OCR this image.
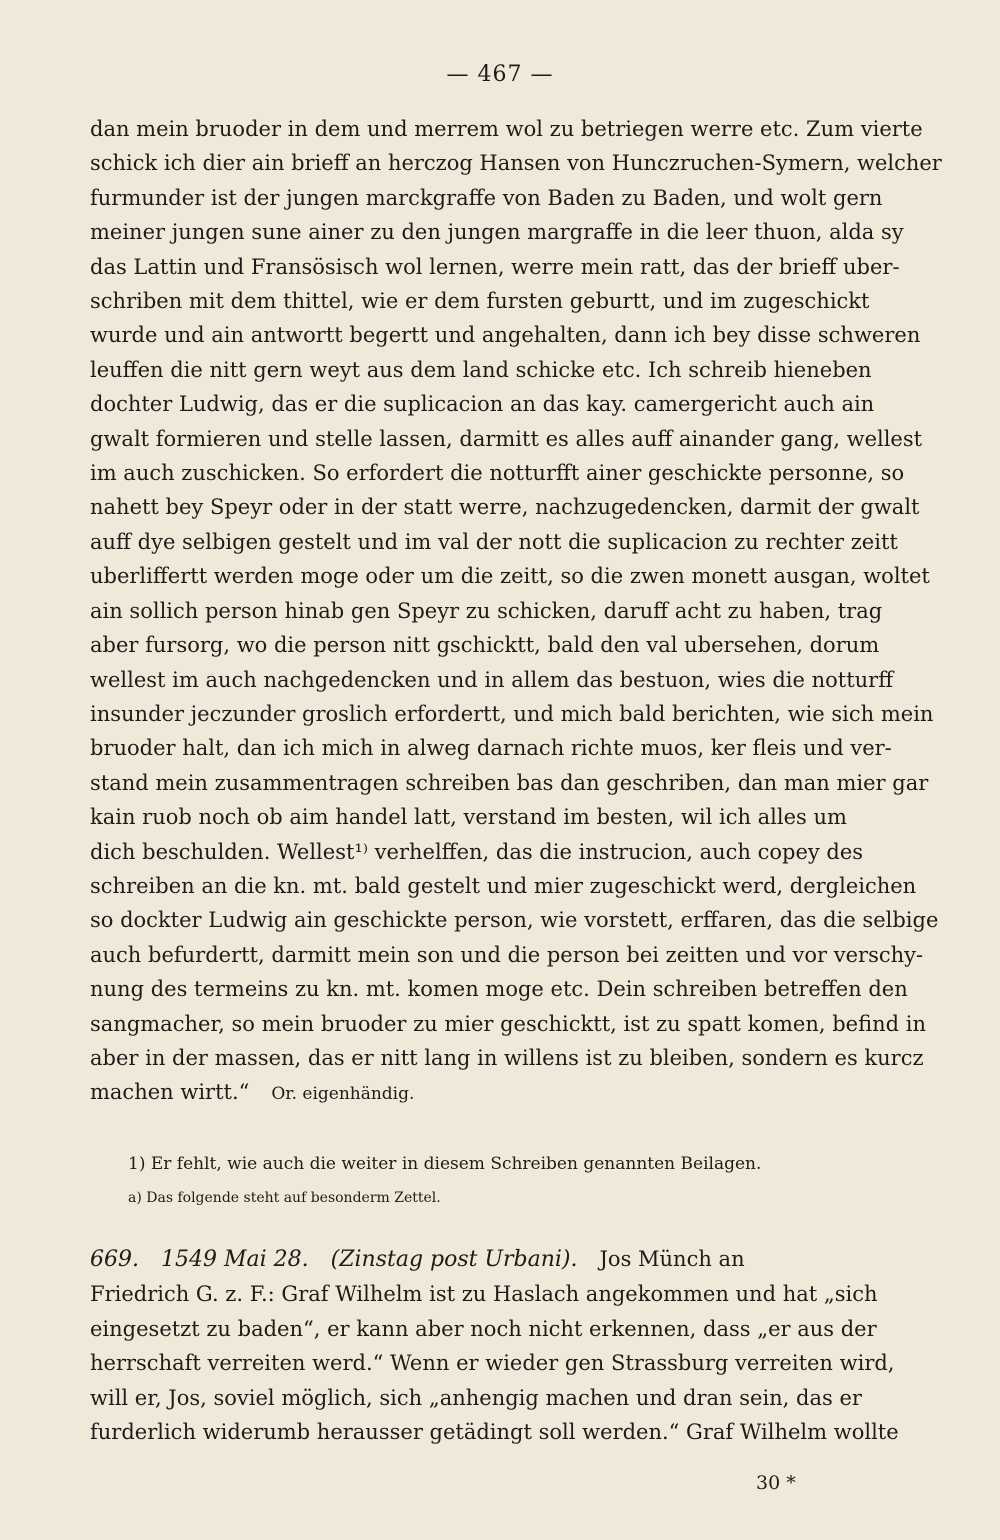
— 467 —
dan mein bruoder in dem und merrem wol zu betriegen werre etc. Zum vierte
schick ich dier ain brieff an herczog Hansen von Hunczruchen-Symern, welcher
furmunder ist der jungen marckgraffe von Baden zu Baden, und wolt gern
meiner jungen sune ainer zu den jungen margraffe in die leer thuon, alda sy
das Lattin und Fransösisch wol lernen, werre mein ratt, das der brieff uber-
schriben mit dem thittel, wie er dem fursten geburtt, und im zugeschickt
wurde und ain antwortt begertt und angehalten, dann ich bey disse schweren
leuffen die nitt gern weyt aus dem land schicke etc. Ich schreib hieneben
dochter Ludwig, das er die suplicacion an das kay. camergericht auch ain
gwalt formieren und stelle lassen, darmitt es alles auff ainander gang, wellest
im auch zuschicken. So erfordert die notturfft ainer geschickte personne, so
nahett bey Speyr oder in der statt werre, nachzugedencken, darmit der gwalt
auff dye selbigen gestelt und im val der nott die suplicacion zu rechter zeitt
uberliffertt werden moge oder um die zeitt, so die zwen monett ausgan, woltet
ain sollich person hinab gen Speyr zu schicken, daruff acht zu haben, trag
aber fursorg, wo die person nitt gschicktt, bald den val ubersehen, dorum
wellest im auch nachgedencken und in allem das bestuon, wies die notturff
insunder jeczunder groslich erfordertt, und mich bald berichten, wie sich mein
bruoder halt, dan ich mich in alweg darnach richte muos, ker fleis und ver-
stand mein zusammentragen schreiben bas dan geschriben, dan man mier gar
kain ruob noch ob aim handel latt, verstand im besten, wil ich alles um
dich beschulden. Wellest¹⁾ verhelffen, das die instrucion, auch copey des
schreiben an die kn. mt. bald gestelt und mier zugeschickt werd, dergleichen
so dockter Ludwig ain geschickte person, wie vorstett, erffaren, das die selbige
auch befurdertt, darmitt mein son und die person bei zeitten und vor verschy-
nung des termeins zu kn. mt. komen moge etc. Dein schreiben betreffen den
sangmacher, so mein bruoder zu mier geschicktt, ist zu spatt komen, befind in
aber in der massen, das er nitt lang in willens ist zu bleiben, sondern es kurcz
machen wirtt.“ Or. eigenhändig.
1) Er fehlt, wie auch die weiter in diesem Schreiben genannten Beilagen.
a) Das folgende steht auf besonderm Zettel.
669. 1549 Mai 28. (Zinstag post Urbani). Jos Münch an
Friedrich G. z. F.: Graf Wilhelm ist zu Haslach angekommen und hat „sich
eingesetzt zu baden“, er kann aber noch nicht erkennen, dass „er aus der
herrschaft verreiten werd.“ Wenn er wieder gen Strassburg verreiten wird,
will er, Jos, soviel möglich, sich „anhengig machen und dran sein, das er
furderlich widerumb herausser getädingt soll werden.“ Graf Wilhelm wollte
30 *
